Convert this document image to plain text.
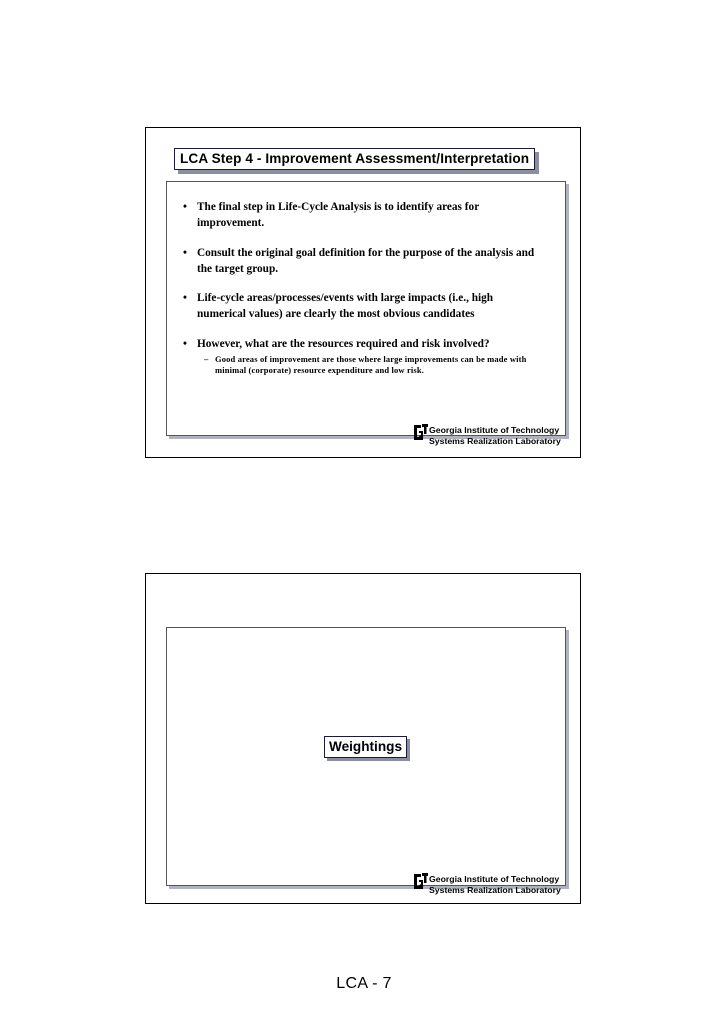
LCA Step 4 - Improvement Assessment/Interpretation
• The final step in Life-Cycle Analysis is to identify areas for improvement.
• Consult the original goal definition for the purpose of the analysis and the target group.
• Life-cycle areas/processes/events with large impacts (i.e., high numerical values) are clearly the most obvious candidates
• However, what are the resources required and risk involved?
– Good areas of improvement are those where large improvements can be made with minimal (corporate) resource expenditure and low risk.
Georgia Institute of Technology
Systems Realization Laboratory
Weightings
Georgia Institute of Technology
Systems Realization Laboratory
LCA - 7
